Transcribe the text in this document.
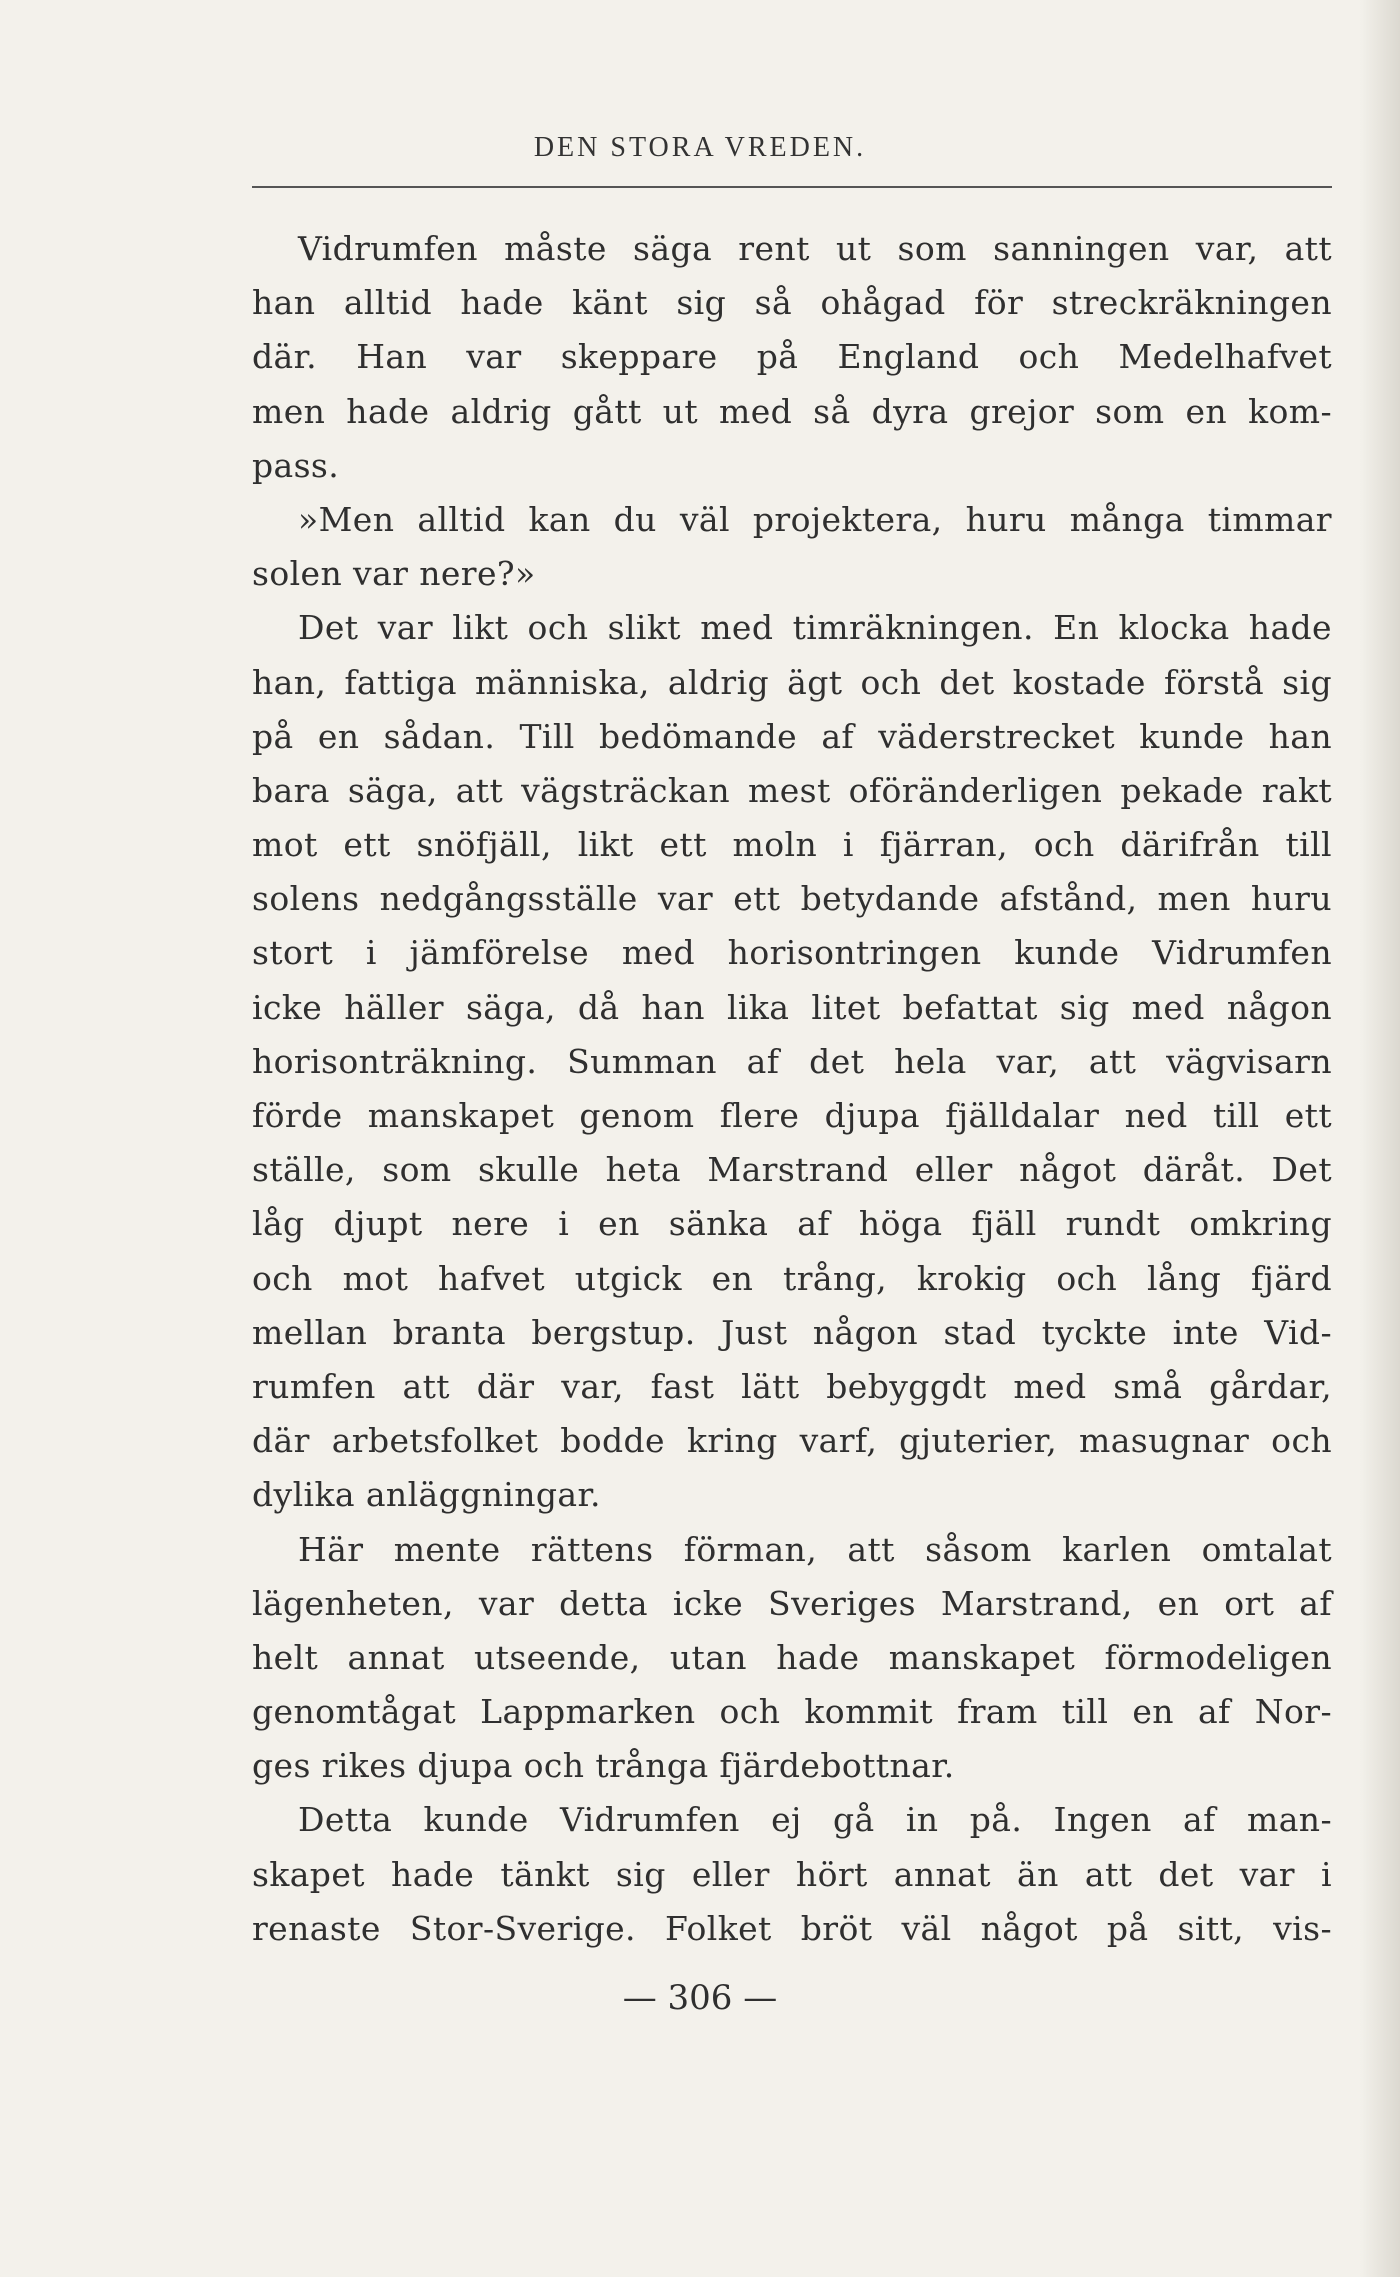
DEN STORA VREDEN.
Vidrumfen måste säga rent ut som sanningen var, att
han alltid hade känt sig så ohågad för streckräkningen
där. Han var skeppare på England och Medelhafvet
men hade aldrig gått ut med så dyra grejor som en kom-
pass.
»Men alltid kan du väl projektera, huru många timmar
solen var nere?»
Det var likt och slikt med timräkningen. En klocka hade
han, fattiga människa, aldrig ägt och det kostade förstå sig
på en sådan. Till bedömande af väderstrecket kunde han
bara säga, att vägsträckan mest oföränderligen pekade rakt
mot ett snöfjäll, likt ett moln i fjärran, och därifrån till
solens nedgångsställe var ett betydande afstånd, men huru
stort i jämförelse med horisontringen kunde Vidrumfen
icke häller säga, då han lika litet befattat sig med någon
horisonträkning. Summan af det hela var, att vägvisarn
förde manskapet genom flere djupa fjälldalar ned till ett
ställe, som skulle heta Marstrand eller något däråt. Det
låg djupt nere i en sänka af höga fjäll rundt omkring
och mot hafvet utgick en trång, krokig och lång fjärd
mellan branta bergstup. Just någon stad tyckte inte Vid-
rumfen att där var, fast lätt bebyggdt med små gårdar,
där arbetsfolket bodde kring varf, gjuterier, masugnar och
dylika anläggningar.
Här mente rättens förman, att såsom karlen omtalat
lägenheten, var detta icke Sveriges Marstrand, en ort af
helt annat utseende, utan hade manskapet förmodeligen
genomtågat Lappmarken och kommit fram till en af Nor-
ges rikes djupa och trånga fjärdebottnar.
Detta kunde Vidrumfen ej gå in på. Ingen af man-
skapet hade tänkt sig eller hört annat än att det var i
renaste Stor-Sverige. Folket bröt väl något på sitt, vis-
— 306 —
